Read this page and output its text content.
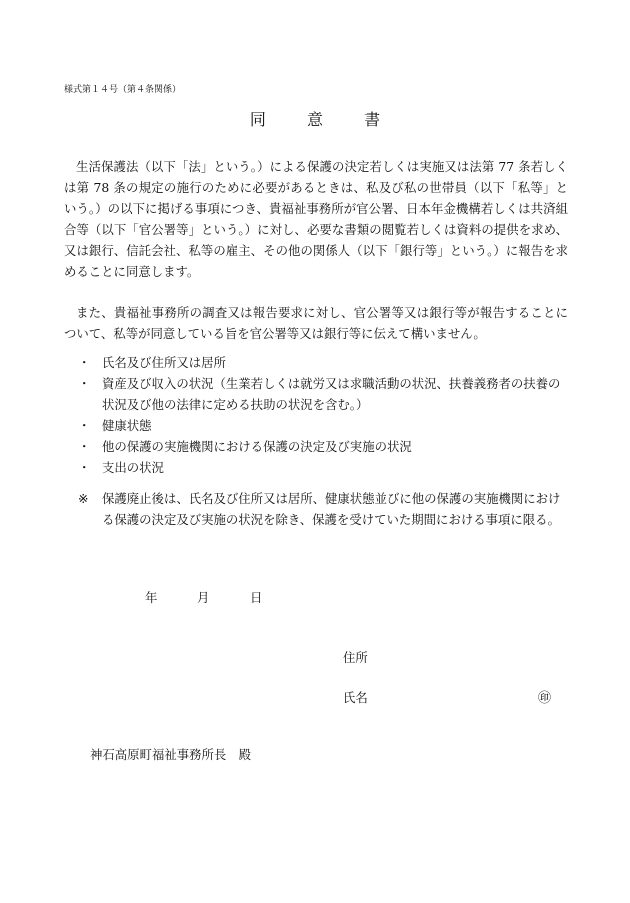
様式第１４号（第４条関係）
同	意	書
生活保護法（以下「法」という。）による保護の決定若しくは実施又は法第 77 条若しくは第 78 条の規定の施行のために必要があるときは、私及び私の世帯員（以下「私等」という。）の以下に掲げる事項につき、貴福祉事務所が官公署、日本年金機構若しくは共済組合等（以下「官公署等」という。）に対し、必要な書類の閲覧若しくは資料の提供を求め、又は銀行、信託会社、私等の雇主、その他の関係人（以下「銀行等」という。）に報告を求めることに同意します。
また、貴福祉事務所の調査又は報告要求に対し、官公署等又は銀行等が報告することについて、私等が同意している旨を官公署等又は銀行等に伝えて構いません。
・ 氏名及び住所又は居所
・ 資産及び収入の状況（生業若しくは就労又は求職活動の状況、扶養義務者の扶養の状況及び他の法律に定める扶助の状況を含む。）
・ 健康状態
・ 他の保護の実施機関における保護の決定及び実施の状況
・ 支出の状況
※	保護廃止後は、氏名及び住所又は居所、健康状態並びに他の保護の実施機関における保護の決定及び実施の状況を除き、保護を受けていた期間における事項に限る。
年	月	日
住所
氏名	㊞
神石高原町福祉事務所長　殿
